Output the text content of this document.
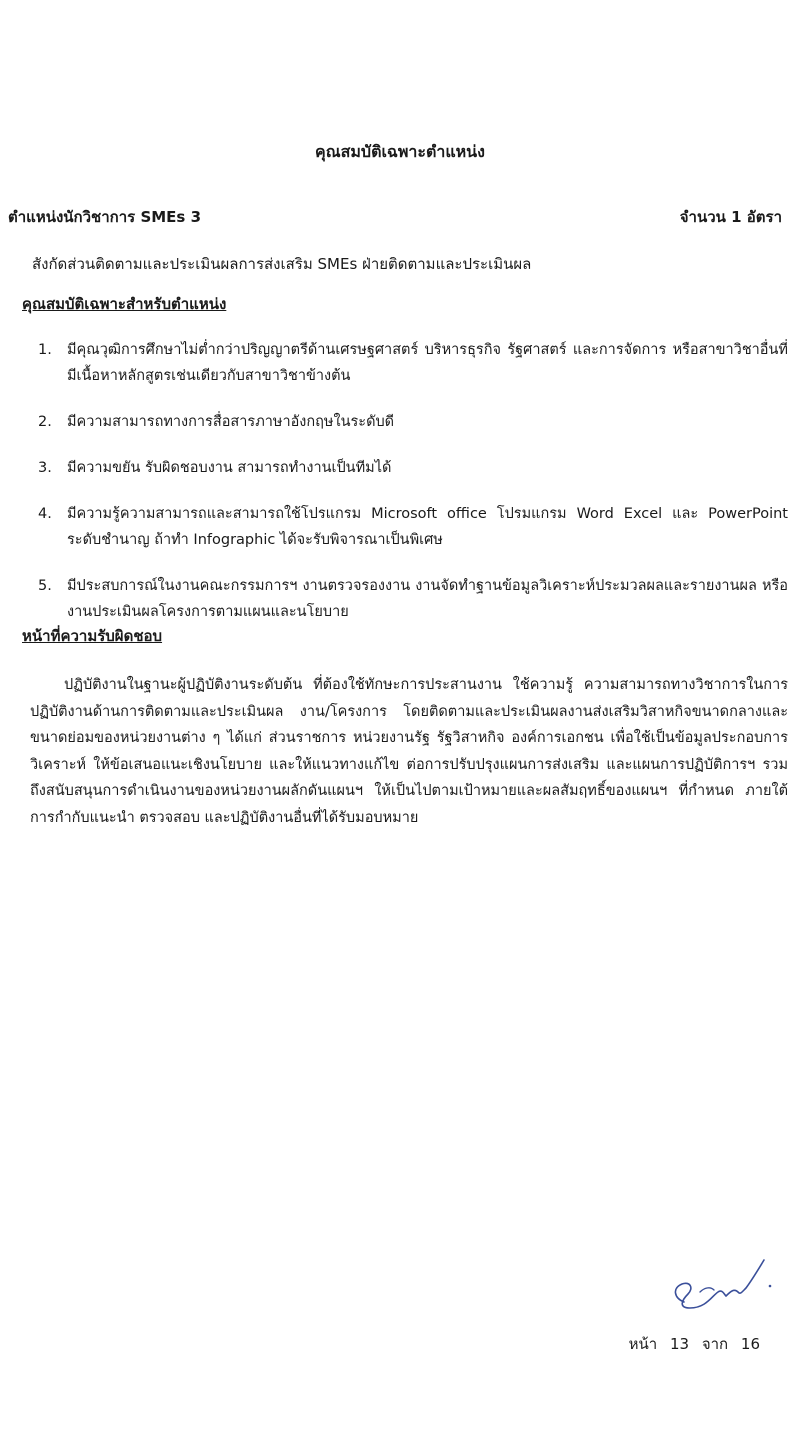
คุณสมบัติเฉพาะตำแหน่ง
ตำแหน่งนักวิชาการ SMEs 3	จำนวน 1 อัตรา
สังกัดส่วนติดตามและประเมินผลการส่งเสริม SMEs ฝ่ายติดตามและประเมินผล
คุณสมบัติเฉพาะสำหรับตำแหน่ง
1. มีคุณวุฒิการศึกษาไม่ต่ำกว่าปริญญาตรีด้านเศรษฐศาสตร์ บริหารธุรกิจ รัฐศาสตร์ และการจัดการ หรือสาขาวิชาอื่นที่มีเนื้อหาหลักสูตรเช่นเดียวกับสาขาวิชาข้างต้น
2. มีความสามารถทางการสื่อสารภาษาอังกฤษในระดับดี
3. มีความขยัน รับผิดชอบงาน สามารถทำงานเป็นทีมได้
4. มีความรู้ความสามารถและสามารถใช้โปรแกรม Microsoft office โปรมแกรม Word Excel และ PowerPoint ระดับชำนาญ ถ้าทำ Infographic ได้จะรับพิจารณาเป็นพิเศษ
5. มีประสบการณ์ในงานคณะกรรมการฯ งานตรวจรองงาน งานจัดทำฐานข้อมูลวิเคราะห์ประมวลผลและรายงานผล หรืองานประเมินผลโครงการตามแผนและนโยบาย
หน้าที่ความรับผิดชอบ

ปฏิบัติงานในฐานะผู้ปฏิบัติงานระดับต้น ที่ต้องใช้ทักษะการประสานงาน ใช้ความรู้ ความสามารถทางวิชาการในการปฏิบัติงานด้านการติดตามและประเมินผล งาน/โครงการ โดยติดตามและประเมินผลงานส่งเสริมวิสาหกิจขนาดกลางและขนาดย่อมของหน่วยงานต่าง ๆ ได้แก่ ส่วนราชการ หน่วยงานรัฐ รัฐวิสาหกิจ องค์การเอกชน เพื่อใช้เป็นข้อมูลประกอบการวิเคราะห์ ให้ข้อเสนอแนะเชิงนโยบาย และให้แนวทางแก้ไข ต่อการปรับปรุงแผนการส่งเสริม และแผนการปฏิบัติการฯ รวมถึงสนับสนุนการดำเนินงานของหน่วยงานผลักดันแผนฯ ให้เป็นไปตามเป้าหมายและผลสัมฤทธิ์ของแผนฯ ที่กำหนด ภายใต้การกำกับแนะนำ ตรวจสอบ และปฏิบัติงานอื่นที่ได้รับมอบหมาย

หน้า 13 จาก 16
